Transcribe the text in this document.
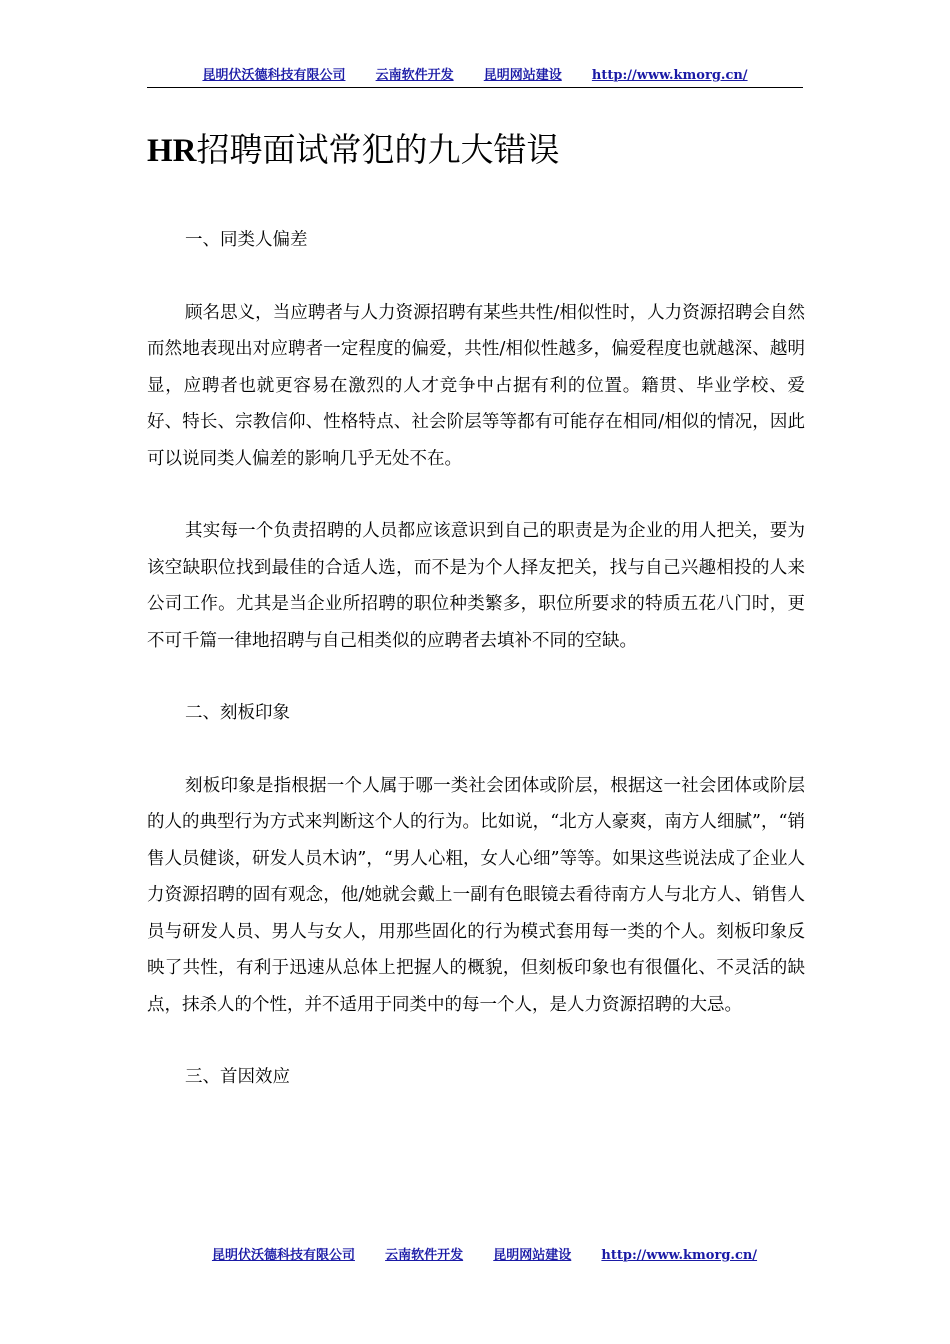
昆明伏沃德科技有限公司 云南软件开发 昆明网站建设 http://www.kmorg.cn/
HR招聘面试常犯的九大错误

一、同类人偏差

顾名思义，当应聘者与人力资源招聘有某些共性/相似性时，人力资源招聘会自然而然地表现出对应聘者一定程度的偏爱，共性/相似性越多，偏爱程度也就越深、越明显，应聘者也就更容易在激烈的人才竞争中占据有利的位置。籍贯、毕业学校、爱好、特长、宗教信仰、性格特点、社会阶层等等都有可能存在相同/相似的情况，因此可以说同类人偏差的影响几乎无处不在。

其实每一个负责招聘的人员都应该意识到自己的职责是为企业的用人把关，要为该空缺职位找到最佳的合适人选，而不是为个人择友把关，找与自己兴趣相投的人来公司工作。尤其是当企业所招聘的职位种类繁多，职位所要求的特质五花八门时，更不可千篇一律地招聘与自己相类似的应聘者去填补不同的空缺。

二、刻板印象

刻板印象是指根据一个人属于哪一类社会团体或阶层，根据这一社会团体或阶层的人的典型行为方式来判断这个人的行为。比如说，“北方人豪爽，南方人细腻”，“销售人员健谈，研发人员木讷”，“男人心粗，女人心细”等等。如果这些说法成了企业人力资源招聘的固有观念，他/她就会戴上一副有色眼镜去看待南方人与北方人、销售人员与研发人员、男人与女人，用那些固化的行为模式套用每一类的个人。刻板印象反映了共性，有利于迅速从总体上把握人的概貌，但刻板印象也有很僵化、不灵活的缺点，抹杀人的个性，并不适用于同类中的每一个人，是人力资源招聘的大忌。

三、首因效应

昆明伏沃德科技有限公司 云南软件开发 昆明网站建设 http://www.kmorg.cn/
